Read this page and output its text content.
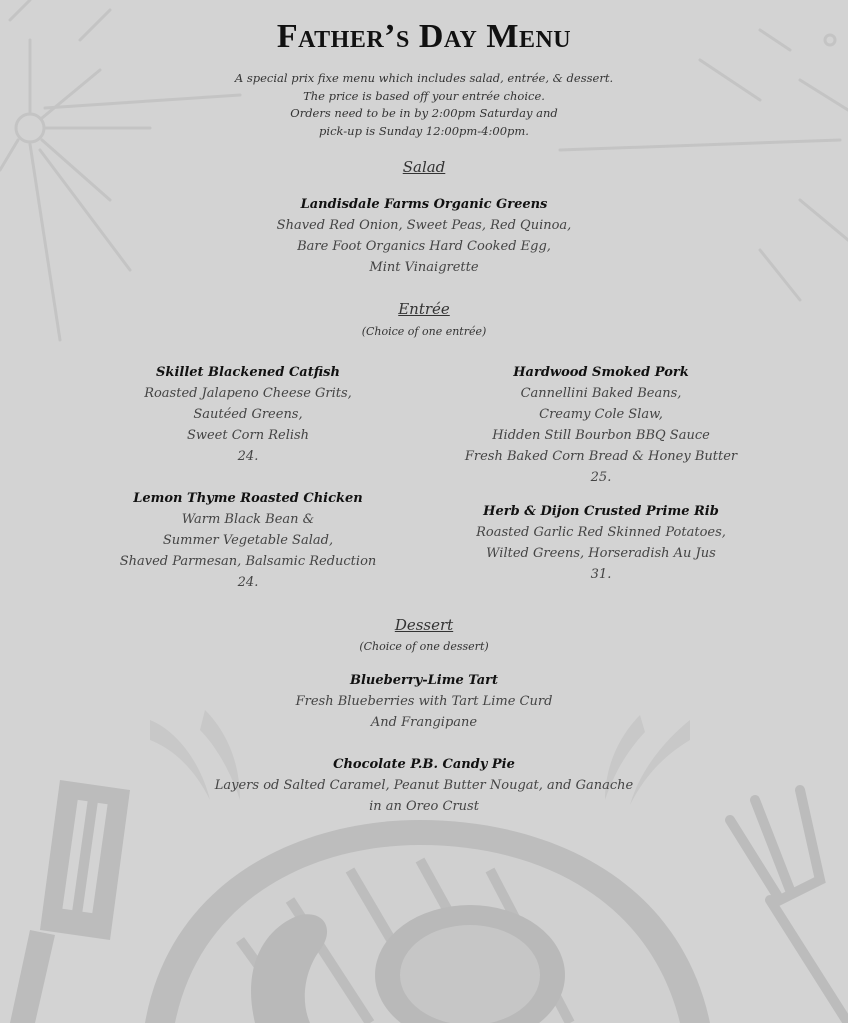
Father’s Day Menu
A special prix fixe menu which includes salad, entrée, & dessert.
The price is based off your entrée choice.
Orders need to be in by 2:00pm Saturday and
pick-up is Sunday 12:00pm-4:00pm.
Salad
Landisdale Farms Organic Greens
Shaved Red Onion, Sweet Peas, Red Quinoa,
Bare Foot Organics Hard Cooked Egg,
Mint Vinaigrette
Entrée
(Choice of one entrée)
Skillet Blackened Catfish
Roasted Jalapeno Cheese Grits,
Sautéed Greens,
Sweet Corn Relish
24.
Hardwood Smoked Pork
Cannellini Baked Beans,
Creamy Cole Slaw,
Hidden Still Bourbon BBQ Sauce
Fresh Baked Corn Bread & Honey Butter
25.
Lemon Thyme Roasted Chicken
Warm Black Bean &
Summer Vegetable Salad,
Shaved Parmesan, Balsamic Reduction
24.
Herb & Dijon Crusted Prime Rib
Roasted Garlic Red Skinned Potatoes,
Wilted Greens, Horseradish Au Jus
31.
Dessert
(Choice of one dessert)
Blueberry-Lime Tart
Fresh Blueberries with Tart Lime Curd
And Frangipane
Chocolate P.B. Candy Pie
Layers od Salted Caramel, Peanut Butter Nougat, and Ganache
in an Oreo Crust
